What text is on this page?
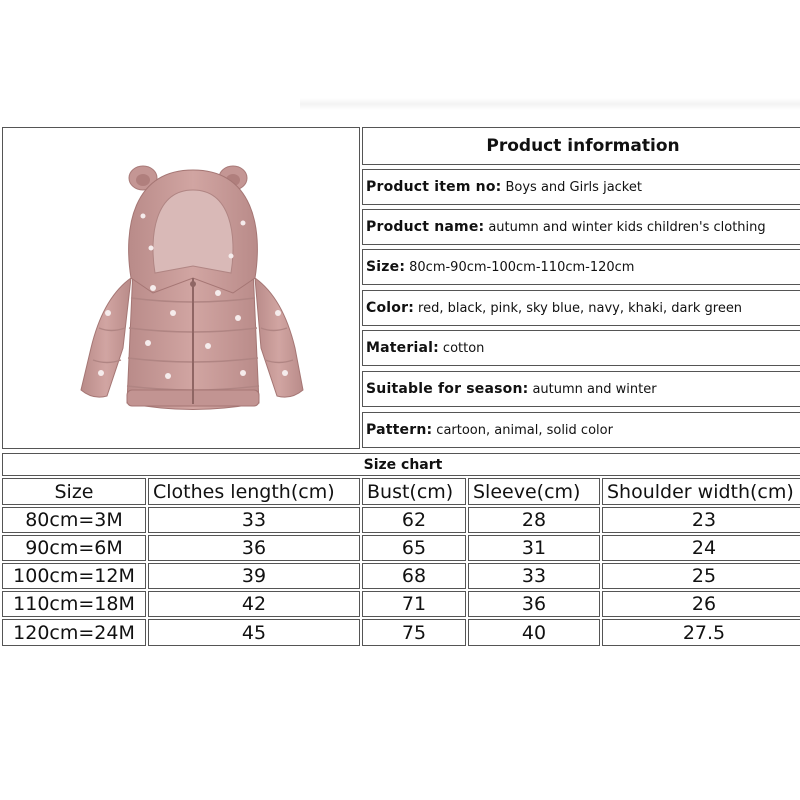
Product information
Product item no: Boys and Girls jacket
Product name: autumn and winter kids children's clothing
Size: 80cm-90cm-100cm-110cm-120cm
Color: red, black, pink, sky blue, navy, khaki, dark green
Material: cotton
Suitable for season: autumn and winter
Pattern: cartoon, animal, solid color
Size chart
Size	Clothes length(cm)	Bust(cm)	Sleeve(cm)	Shoulder width(cm)
80cm=3M	33	62	28	23
90cm=6M	36	65	31	24
100cm=12M	39	68	33	25
110cm=18M	42	71	36	26
120cm=24M	45	75	40	27.5
